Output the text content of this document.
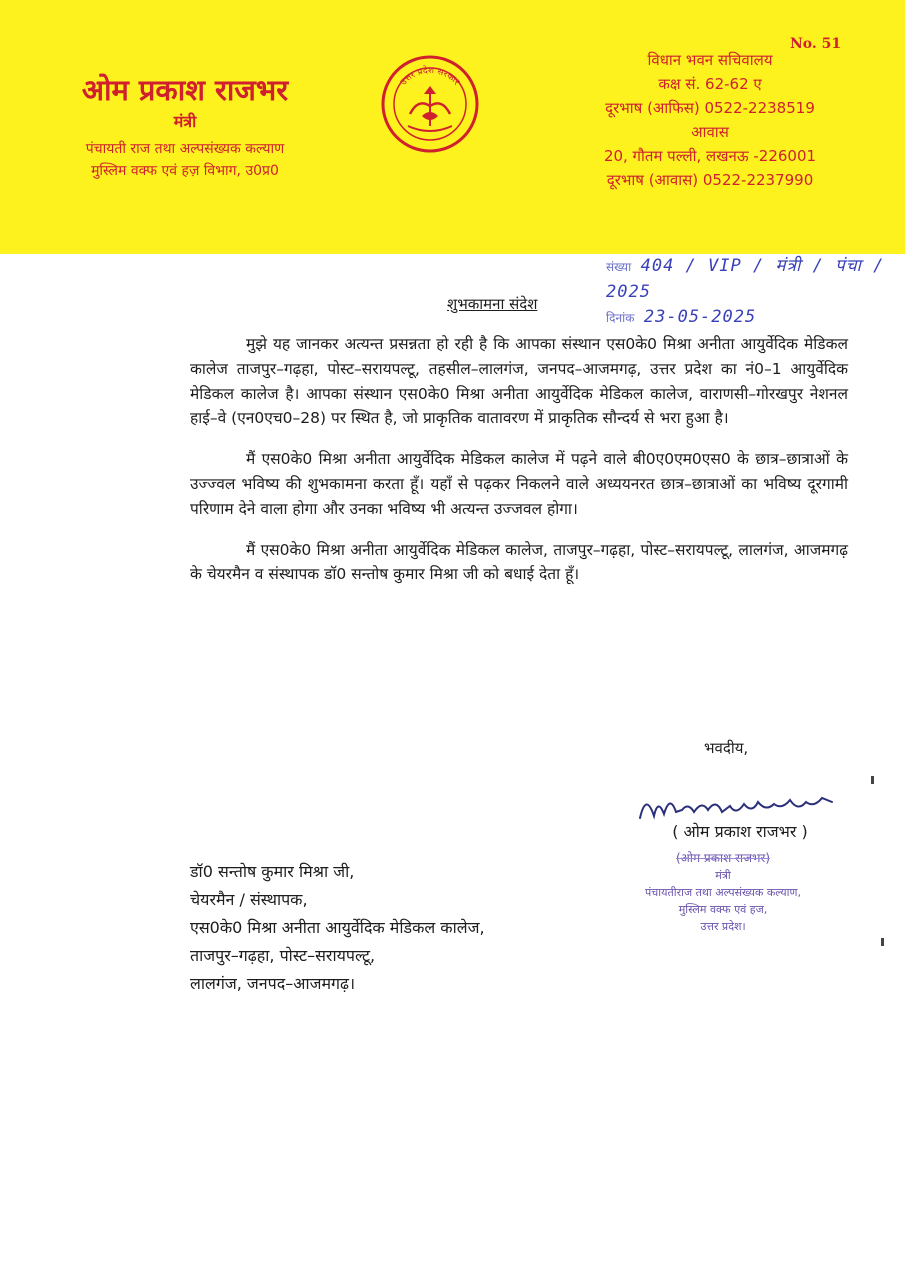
ओम प्रकाश राजभर
मंत्री
पंचायती राज तथा अल्पसंख्यक कल्याण
मुस्लिम वक्फ एवं हज़ विभाग, उ0प्र0
उत्तर प्रदेश सरकार
No. 51
विधान भवन सचिवालय
कक्ष सं. 62-62 ए
दूरभाष (आफिस) 0522-2238519
आवास
20, गौतम पल्ली, लखनऊ -226001
दूरभाष (आवास) 0522-2237990
संख्या 404 / VIP / मंत्री / पंचा / 2025
दिनांक 23-05-2025
शुभकामना संदेश

मुझे यह जानकर अत्यन्त प्रसन्नता हो रही है कि आपका संस्थान एस0के0 मिश्रा अनीता आयुर्वेदिक मेडिकल कालेज ताजपुर–गढ़हा, पोस्ट–सरायपल्टू, तहसील–लालगंज, जनपद–आजमगढ़, उत्तर प्रदेश का नं0–1 आयुर्वेदिक मेडिकल कालेज है। आपका संस्थान एस0के0 मिश्रा अनीता आयुर्वेदिक मेडिकल कालेज, वाराणसी–गोरखपुर नेशनल हाई–वे (एन0एच0–28) पर स्थित है, जो प्राकृतिक वातावरण में प्राकृतिक सौन्दर्य से भरा हुआ है।

मैं एस0के0 मिश्रा अनीता आयुर्वेदिक मेडिकल कालेज में पढ़ने वाले बी0ए0एम0एस0 के छात्र–छात्राओं के उज्ज्वल भविष्य की शुभकामना करता हूँ। यहाँ से पढ़कर निकलने वाले अध्ययनरत छात्र–छात्राओं का भविष्य दूरगामी परिणाम देने वाला होगा और उनका भविष्य भी अत्यन्त उज्जवल होगा।

मैं एस0के0 मिश्रा अनीता आयुर्वेदिक मेडिकल कालेज, ताजपुर–गढ़हा, पोस्ट–सरायपल्टू, लालगंज, आजमगढ़ के चेयरमैन व संस्थापक डॉ0 सन्तोष कुमार मिश्रा जी को बधाई देता हूँ।

भवदीय,
( ओम प्रकाश राजभर )
(ओम प्रकाश राजभर)
मंत्री
पंचायतीराज तथा अल्पसंख्यक कल्याण,
मुस्लिम वक्फ एवं हज,
उत्तर प्रदेश।
डॉ0 सन्तोष कुमार मिश्रा जी,
चेयरमैन / संस्थापक,
एस0के0 मिश्रा अनीता आयुर्वेदिक मेडिकल कालेज,
ताजपुर–गढ़हा, पोस्ट–सरायपल्टू,
लालगंज, जनपद–आजमगढ़।
